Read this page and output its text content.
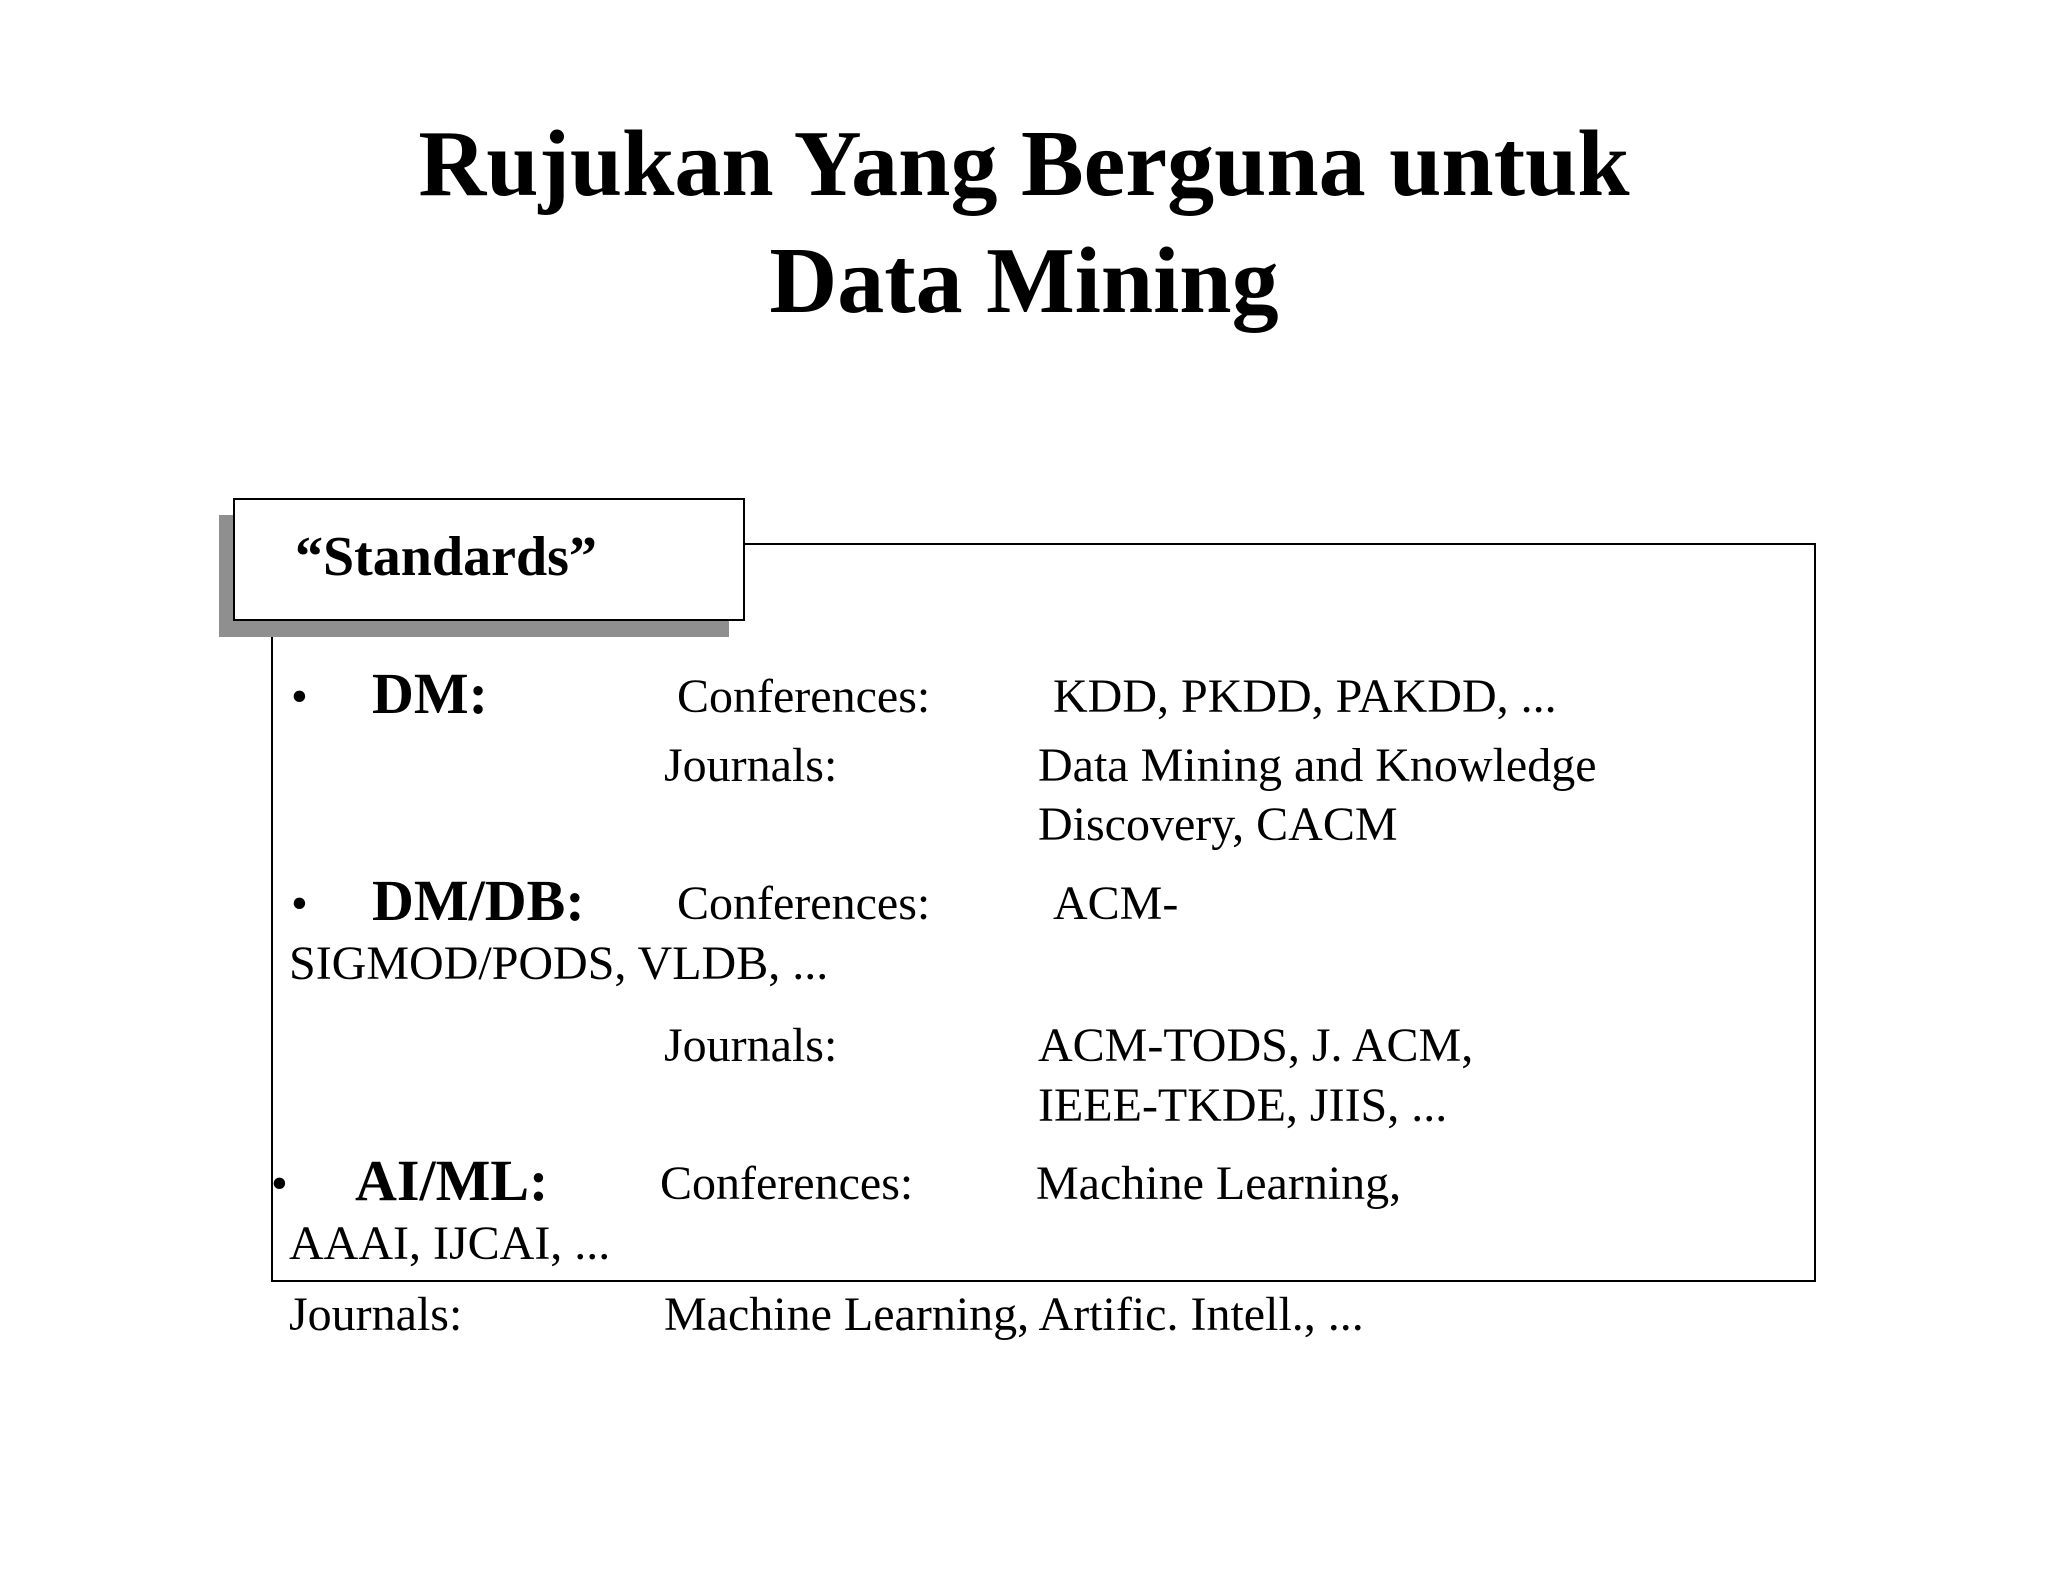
Rujukan Yang Berguna untuk
Data Mining
“Standards”
• DM:	Conferences:	KDD, PKDD, PAKDD, ...
Journals:	Data Mining and Knowledge
Discovery, CACM
• DM/DB: Conferences:	ACM-
SIGMOD/PODS, VLDB, ...
Journals:	ACM-TODS, J. ACM,
IEEE-TKDE, JIIS, ...
• AI/ML: Conferences:	Machine Learning,
AAAI, IJCAI, ...
Journals:	Machine Learning, Artific. Intell., ...
